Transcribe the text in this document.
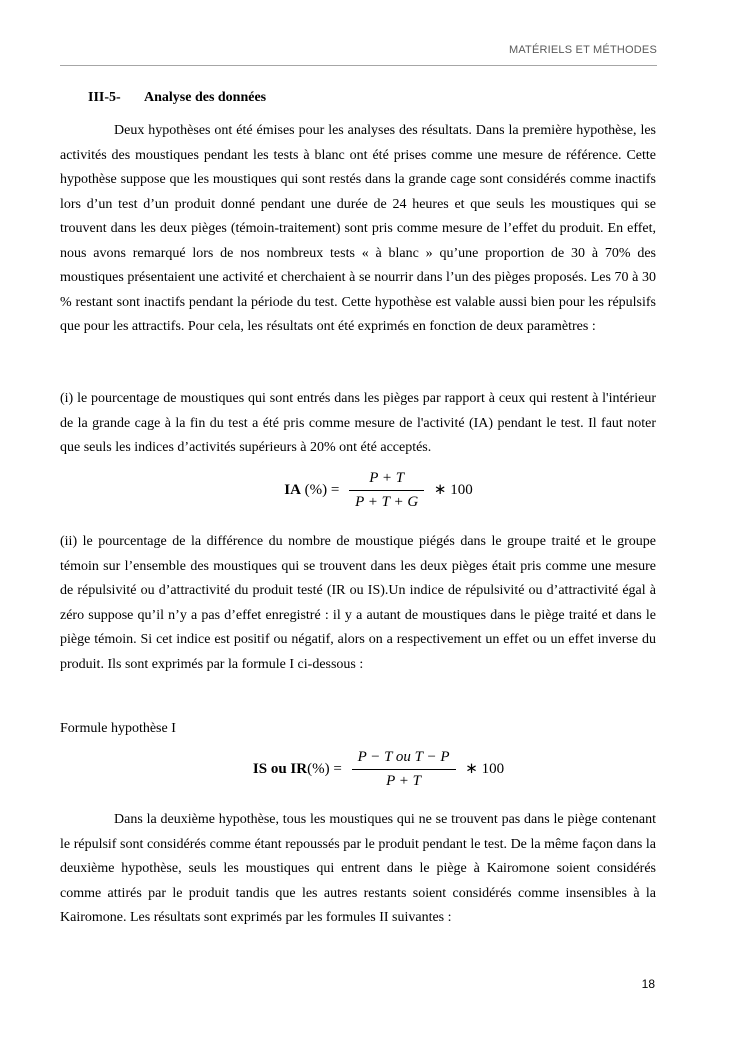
MATÉRIELS ET MÉTHODES
III-5- Analyse des données
Deux hypothèses ont été émises pour les analyses des résultats. Dans la première hypothèse, les activités des moustiques pendant les tests à blanc ont été prises comme une mesure de référence. Cette hypothèse suppose que les moustiques qui sont restés dans la grande cage sont considérés comme inactifs lors d’un test d’un produit donné pendant une durée de 24 heures et que seuls les moustiques qui se trouvent dans les deux pièges (témoin-traitement) sont pris comme mesure de l’effet du produit. En effet, nous avons remarqué lors de nos nombreux tests « à blanc » qu’une proportion de 30 à 70% des moustiques présentaient une activité et cherchaient à se nourrir dans l’un des pièges proposés. Les 70 à 30 % restant sont inactifs pendant la période du test. Cette hypothèse est valable aussi bien pour les répulsifs que pour les attractifs. Pour cela, les résultats ont été exprimés en fonction de deux paramètres :
(i) le pourcentage de moustiques qui sont entrés dans les pièges par rapport à ceux qui restent à l'intérieur de la grande cage à la fin du test a été pris comme mesure de l'activité (IA) pendant le test. Il faut noter que seuls les indices d’activités supérieurs à 20% ont été acceptés.
IA (%) = $\frac{P + T}{P + T + G}$ ∗ 100
(ii) le pourcentage de la différence du nombre de moustique piégés dans le groupe traité et le groupe témoin sur l’ensemble des moustiques qui se trouvent dans les deux pièges était pris comme une mesure de répulsivité ou d’attractivité du produit testé (IR ou IS).Un indice de répulsivité ou d’attractivité égal à zéro suppose qu’il n’y a pas d’effet enregistré : il y a autant de moustiques dans le piège traité et dans le piège témoin. Si cet indice est positif ou négatif, alors on a respectivement un effet ou un effet inverse du produit. Ils sont exprimés par la formule I ci-dessous :
Formule hypothèse I
IS ou $IR(\%) = \frac{\text{P − T ou T − P}}{P + T}$ ∗ 100
Dans la deuxième hypothèse, tous les moustiques qui ne se trouvent pas dans le piège contenant le répulsif sont considérés comme étant repoussés par le produit pendant le test. De la même façon dans la deuxième hypothèse, seuls les moustiques qui entrent dans le piège à Kairomone soient considérés comme attirés par le produit tandis que les autres restants soient considérés comme insensibles à la Kairomone. Les résultats sont exprimés par les formules II suivantes :
18
